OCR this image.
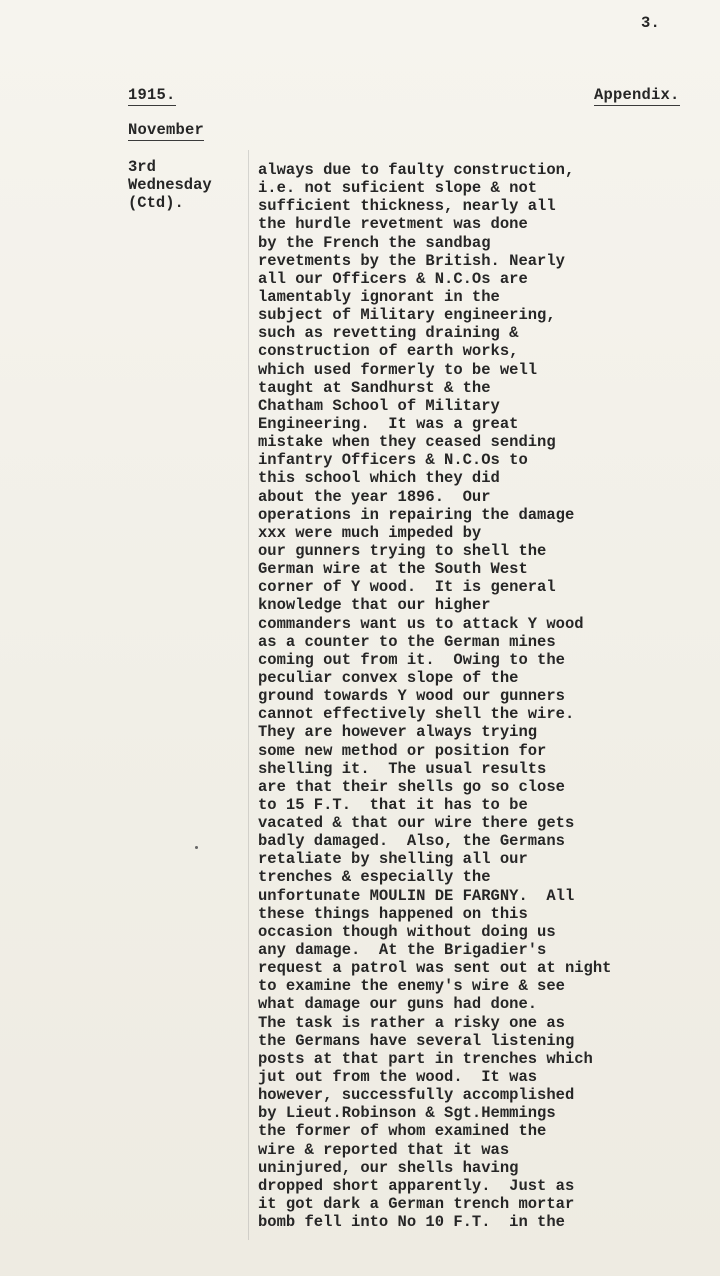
3.
1915.	Appendix.
November
3rd
Wednesday
(Ctd).
always due to faulty construction,
i.e. not suficient slope & not
sufficient thickness, nearly all
the hurdle revetment was done
by the French the sandbag
revetments by the British. Nearly
all our Officers & N.C.Os are
lamentably ignorant in the
subject of Military engineering,
such as revetting draining &
construction of earth works,
which used formerly to be well
taught at Sandhurst & the
Chatham School of Military
Engineering.  It was a great
mistake when they ceased sending
infantry Officers & N.C.Os to
this school which they did
about the year 1896.  Our
operations in repairing the damage
xxx were much impeded by
our gunners trying to shell the
German wire at the South West
corner of Y wood.  It is general
knowledge that our higher
commanders want us to attack Y wood
as a counter to the German mines
coming out from it.  Owing to the
peculiar convex slope of the
ground towards Y wood our gunners
cannot effectively shell the wire.
They are however always trying
some new method or position for
shelling it.  The usual results
are that their shells go so close
to 15 F.T.  that it has to be
vacated & that our wire there gets
badly damaged.  Also, the Germans
retaliate by shelling all our
trenches & especially the
unfortunate MOULIN DE FARGNY.  All
these things happened on this
occasion though without doing us
any damage.  At the Brigadier's
request a patrol was sent out at night
to examine the enemy's wire & see
what damage our guns had done.
The task is rather a risky one as
the Germans have several listening
posts at that part in trenches which
jut out from the wood.  It was
however, successfully accomplished
by Lieut.Robinson & Sgt.Hemmings
the former of whom examined the
wire & reported that it was
uninjured, our shells having
dropped short apparently.  Just as
it got dark a German trench mortar
bomb fell into No 10 F.T.  in the
